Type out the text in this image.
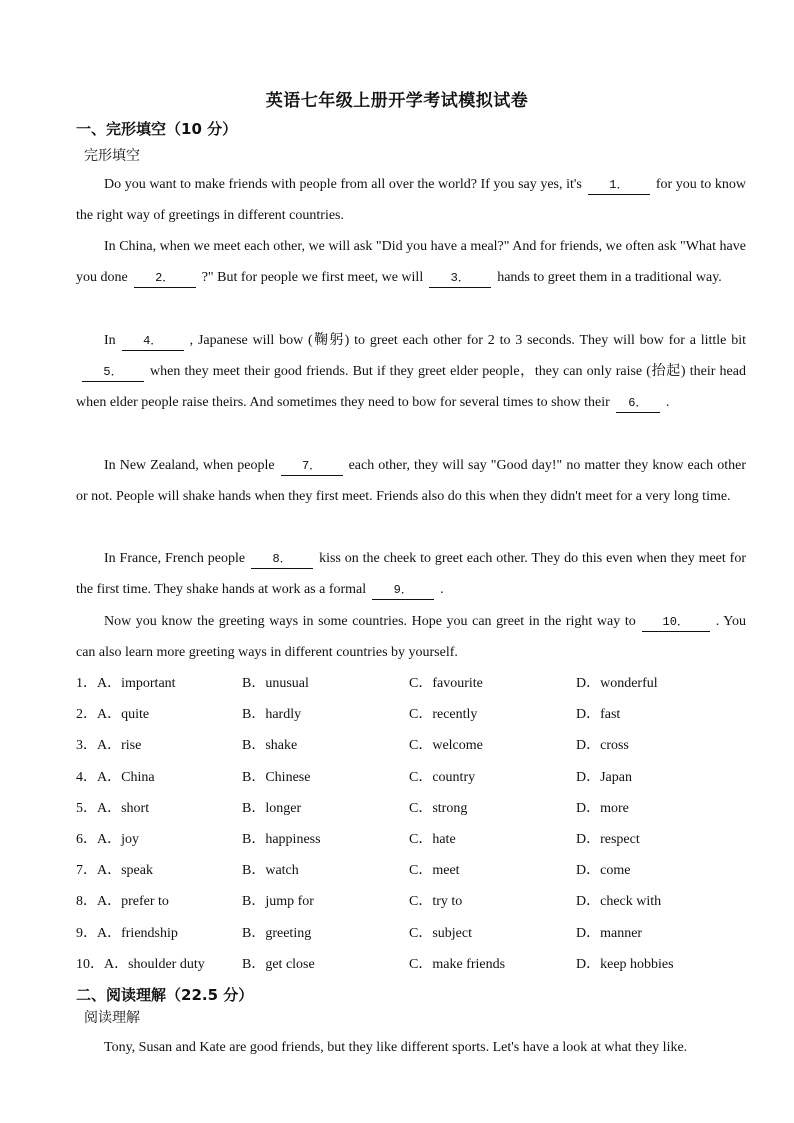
英语七年级上册开学考试模拟试卷
一、完形填空（10 分）
完形填空
Do you want to make friends with people from all over the world? If you say yes, it's 1． for you to know the right way of greetings in different countries.
In China, when we meet each other, we will ask "Did you have a meal?" And for friends, we often ask "What have you done 2． ?" But for people we first meet, we will 3． hands to greet them in a traditional way.
In 4． , Japanese will bow (鞠躬) to greet each other for 2 to 3 seconds. They will bow for a little bit5． when they meet their good friends. But if they greet elder people，they can only raise (抬起) their head when elder people raise theirs. And sometimes they need to bow for several times to show their 6． .
In New Zealand, when people 7． each other, they will say "Good day!" no matter they know each other or not. People will shake hands when they first meet. Friends also do this when they didn't meet for a very long time.
In France, French people 8． kiss on the cheek to greet each other. They do this even when they meet for the first time. They shake hands at work as a formal 9． .
Now you know the greeting ways in some countries. Hope you can greet in the right way to 10． . You can also learn more greeting ways in different countries by yourself.
1．A．important	B．unusual	C．favourite	D．wonderful
2．A．quite	B．hardly	C．recently	D．fast
3．A．rise	B．shake	C．welcome	D．cross
4．A．China	B．Chinese	C．country	D．Japan
5．A．short	B．longer	C．strong	D．more
6．A．joy	B．happiness	C．hate	D．respect
7．A．speak	B．watch	C．meet	D．come
8．A．prefer to	B．jump for	C．try to	D．check with
9．A．friendship	B．greeting	C．subject	D．manner
10．A．shoulder duty	B．get close	C．make friends	D．keep hobbies
二、阅读理解（22.5 分）
阅读理解
Tony, Susan and Kate are good friends, but they like different sports. Let's have a look at what they like.
